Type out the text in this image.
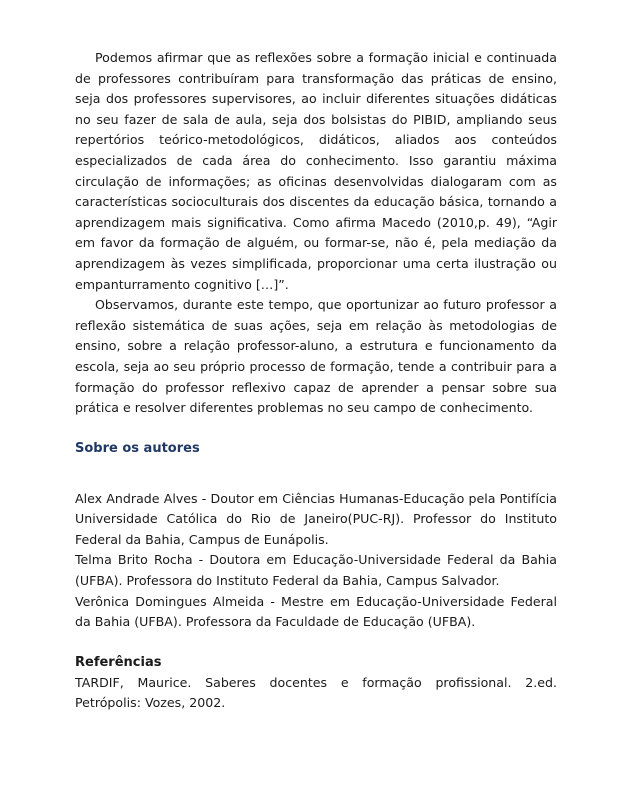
Podemos afirmar que as reflexões sobre a formação inicial e continuada de professores contribuíram para transformação das práticas de ensino, seja dos professores supervisores, ao incluir diferentes situações didáticas no seu fazer de sala de aula, seja dos bolsistas do PIBID, ampliando seus repertórios teórico-metodológicos, didáticos, aliados aos conteúdos especializados de cada área do conhecimento. Isso garantiu máxima circulação de informações; as oficinas desenvolvidas dialogaram com as características socioculturais dos discentes da educação básica, tornando a aprendizagem mais significativa. Como afirma Macedo (2010,p. 49), “Agir em favor da formação de alguém, ou formar-se, não é, pela mediação da aprendizagem às vezes simplificada, proporcionar uma certa ilustração ou empanturramento cognitivo […]”.

Observamos, durante este tempo, que oportunizar ao futuro professor a reflexão sistemática de suas ações, seja em relação às metodologias de ensino, sobre a relação professor-aluno, a estrutura e funcionamento da escola, seja ao seu próprio processo de formação, tende a contribuir para a formação do professor reflexivo capaz de aprender a pensar sobre sua prática e resolver diferentes problemas no seu campo de conhecimento.

Sobre os autores

Alex Andrade Alves - Doutor em Ciências Humanas-Educação pela Pontifícia Universidade Católica do Rio de Janeiro(PUC-RJ). Professor do Instituto Federal da Bahia, Campus de Eunápolis.

Telma Brito Rocha - Doutora em Educação-Universidade Federal da Bahia (UFBA). Professora do Instituto Federal da Bahia, Campus Salvador.

Verônica Domingues Almeida - Mestre em Educação-Universidade Federal da Bahia (UFBA). Professora da Faculdade de Educação (UFBA).

Referências

TARDIF, Maurice. Saberes docentes e formação profissional. 2.ed. Petrópolis: Vozes, 2002.
